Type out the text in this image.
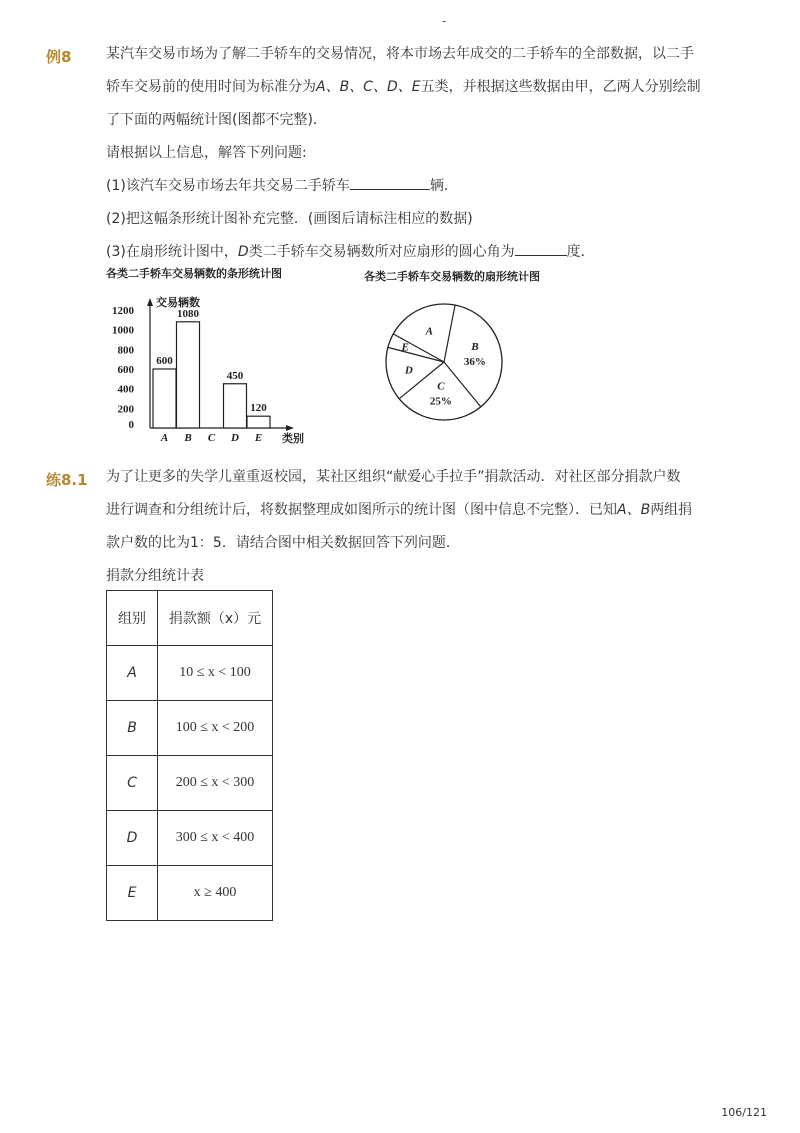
-
例8 某汽车交易市场为了解二手轿车的交易情况，将本市场去年成交的二手轿车的全部数据，以二手

轿车交易前的使用时间为标准分为A、B、C、D、E五类，并根据这些数据由甲，乙两人分别绘制

了下面的两幅统计图(图都不完整)．

请根据以上信息，解答下列问题:

(1)该汽车交易市场去年共交易二手轿车	辆．

(2)把这幅条形统计图补充完整．(画图后请标注相应的数据)

(3)在扇形统计图中，D类二手轿车交易辆数所对应扇形的圆心角为	度．

各类二手轿车交易辆数的条形统计图	各类二手轿车交易辆数的扇形统计图
交易辆数
类别
0
200
400
600
800
1000
1200
A
600
B
1080
C D
450
E
120
B
36%
C
25%
D
E
A
练8.1 为了让更多的失学儿童重返校园，某社区组织“献爱心手拉手”捐款活动．对社区部分捐款户数

进行调查和分组统计后，将数据整理成如图所示的统计图（图中信息不完整）．已知A、B两组捐

款户数的比为1：5．请结合图中相关数据回答下列问题．

捐款分组统计表

组别	捐款额（x）元
A	10 ≤ x < 100
B	100 ≤ x < 200
C	200 ≤ x < 300
D	300 ≤ x < 400
E	x ≥ 400
106/121
